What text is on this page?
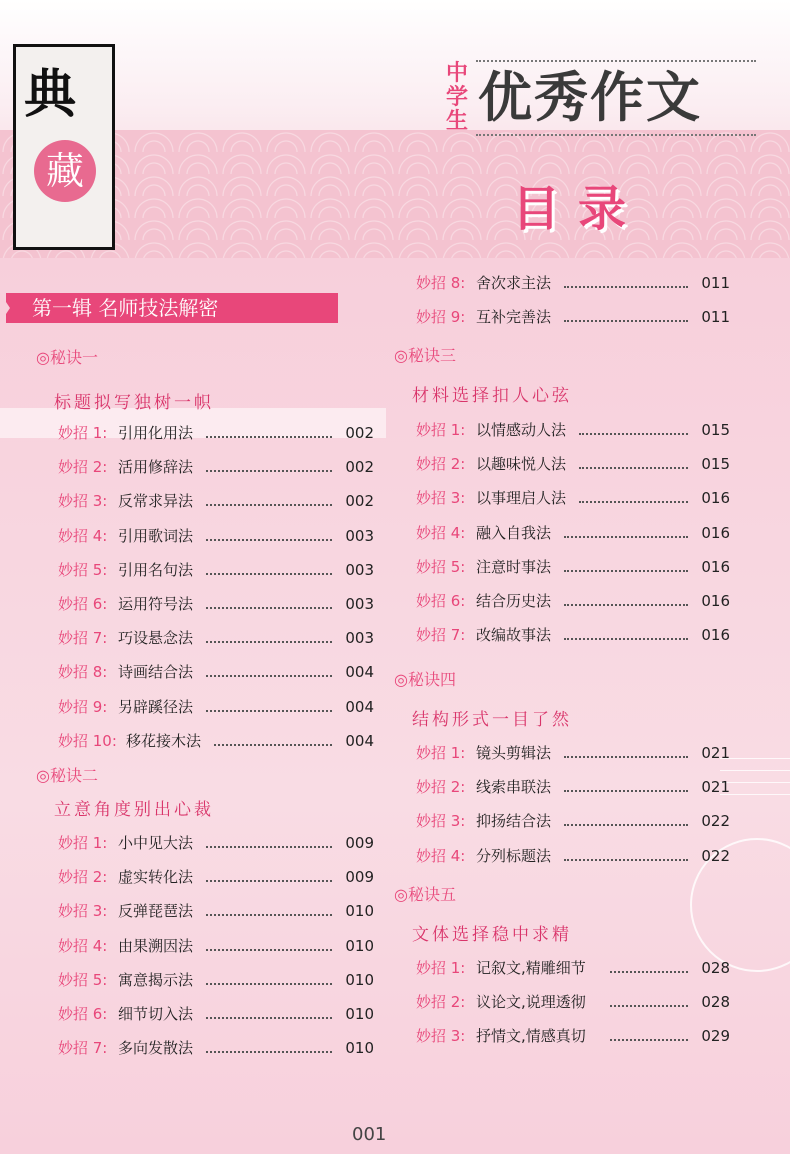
典
藏
中学生 优秀作文
目录
第一辑 名师技法解密
◎秘诀一
标题拟写独树一帜
妙招 1: 引用化用法	002
妙招 2: 活用修辞法	002
妙招 3: 反常求异法	002
妙招 4: 引用歌词法	003
妙招 5: 引用名句法	003
妙招 6: 运用符号法	003
妙招 7: 巧设悬念法	003
妙招 8: 诗画结合法	004
妙招 9: 另辟蹊径法	004
妙招 10: 移花接木法	004
◎秘诀二
立意角度别出心裁
妙招 1: 小中见大法	009
妙招 2: 虚实转化法	009
妙招 3: 反弹琵琶法	010
妙招 4: 由果溯因法	010
妙招 5: 寓意揭示法	010
妙招 6: 细节切入法	010
妙招 7: 多向发散法	010
妙招 8: 舍次求主法	011
妙招 9: 互补完善法	011
◎秘诀三
材料选择扣人心弦
妙招 1: 以情感动人法	015
妙招 2: 以趣味悦人法	015
妙招 3: 以事理启人法	016
妙招 4: 融入自我法	016
妙招 5: 注意时事法	016
妙招 6: 结合历史法	016
妙招 7: 改编故事法	016
◎秘诀四
结构形式一目了然
妙招 1: 镜头剪辑法	021
妙招 2: 线索串联法	021
妙招 3: 抑扬结合法	022
妙招 4: 分列标题法	022
◎秘诀五
文体选择稳中求精
妙招 1: 记叙文,精雕细节	028
妙招 2: 议论文,说理透彻	028
妙招 3: 抒情文,情感真切	029
001
